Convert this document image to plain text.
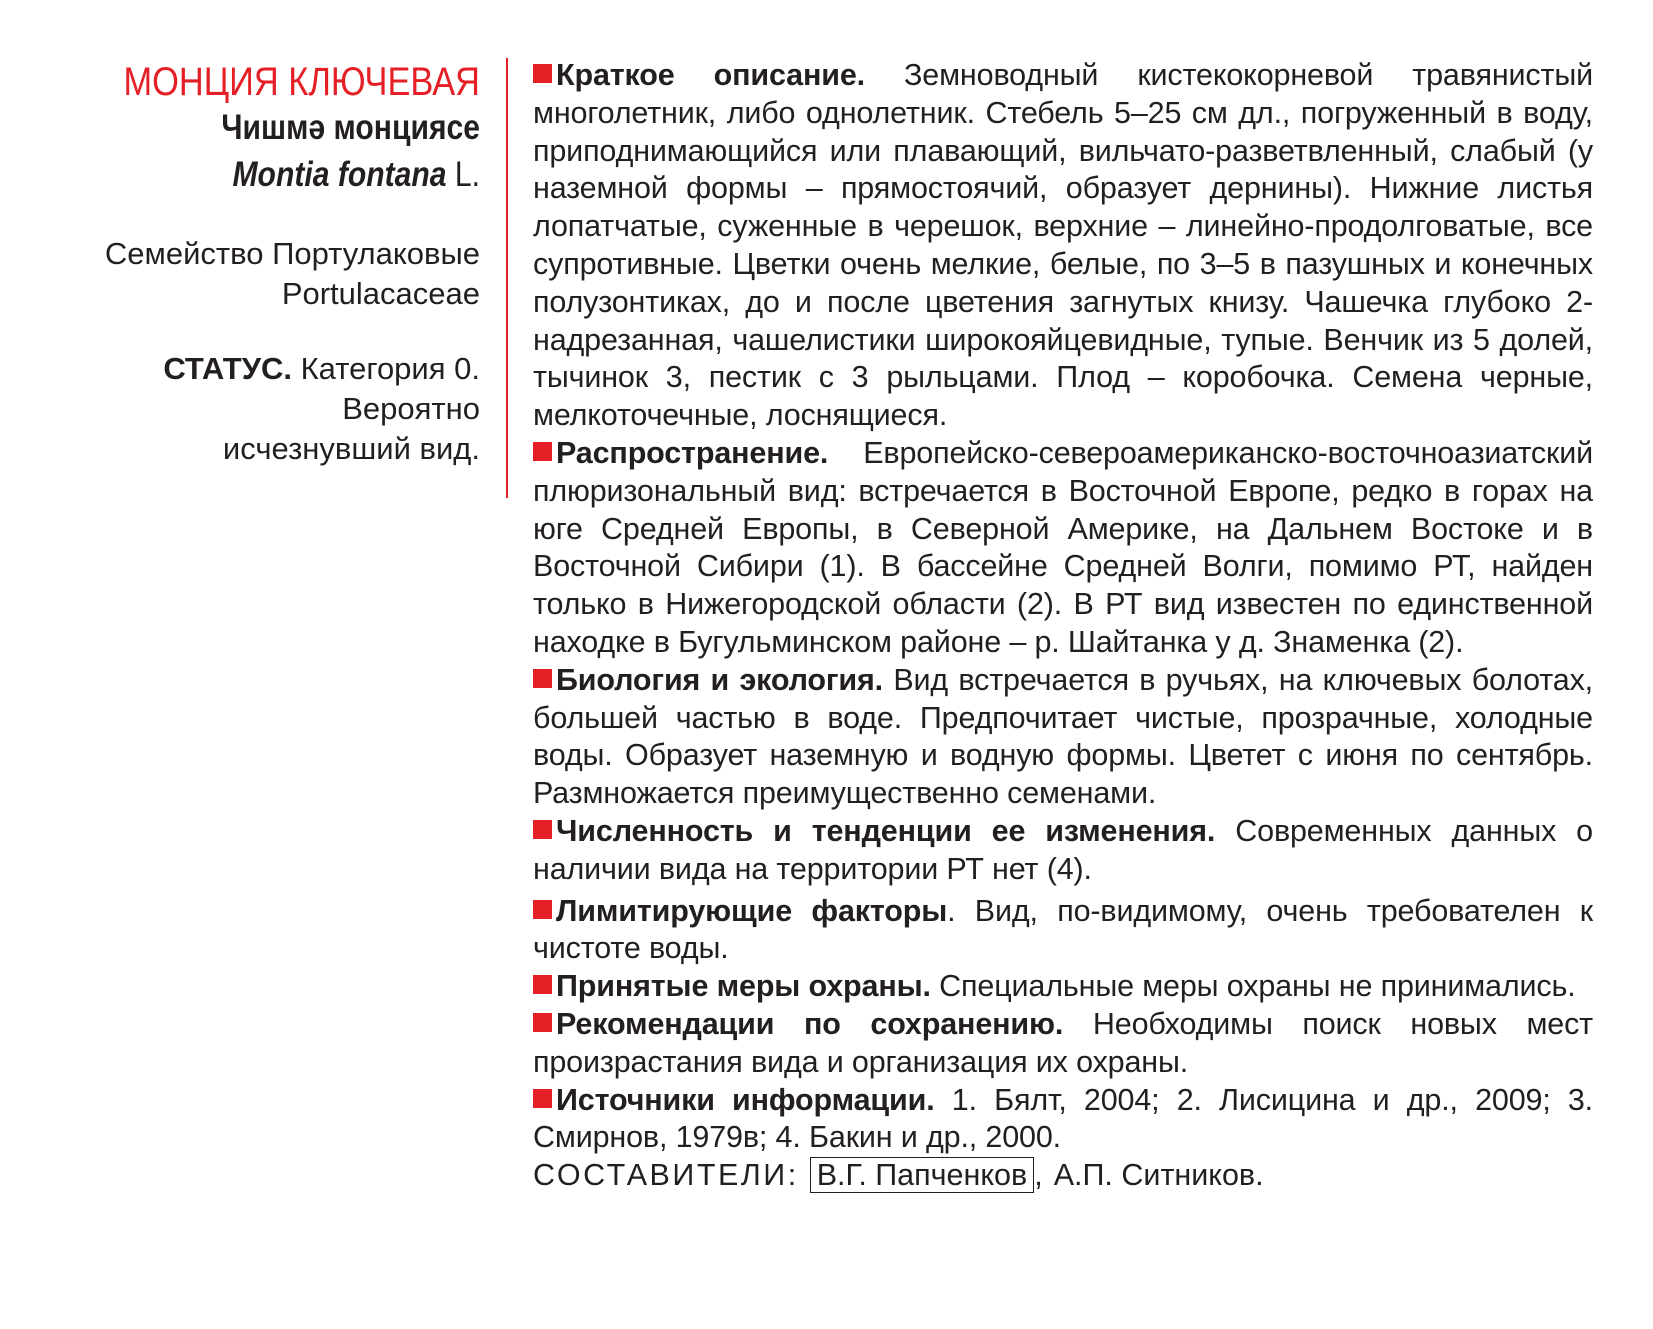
МОНЦИЯ КЛЮЧЕВАЯ
Чишмә монциясе
Montia fontana L.
Семейство Портулаковые
Portulacaceae
СТАТУС. Категория 0.
Вероятно
исчезнувший вид.

Краткое описание. Земноводный кистекокорневой травянистый многолетник, либо однолетник. Стебель 5–25 см дл., погруженный в воду, приподнимающийся или плавающий, вильчато-разветвленный, слабый (у наземной формы – прямостоячий, образует дернины). Нижние листья лопатчатые, суженные в черешок, верхние – линейно-продолговатые, все супротивные. Цветки очень мелкие, белые, по 3–5 в пазушных и конечных полузонтиках, до и после цветения загнутых книзу. Чашечка глубоко 2-надрезанная, чашелистики широкояйцевидные, тупые. Венчик из 5 долей, тычинок 3, пестик с 3 рыльцами. Плод – коробочка. Семена черные, мелкоточечные, лоснящиеся.

Распространение. Европейско-североамериканско-восточноазиатский плюризональный вид: встречается в Восточной Европе, редко в горах на юге Средней Европы, в Северной Америке, на Дальнем Востоке и в Восточной Сибири (1). В бассейне Средней Волги, помимо РТ, найден только в Нижегородской области (2). В РТ вид известен по единственной находке в Бугульминском районе – р. Шайтанка у д. Знаменка (2).

Биология и экология. Вид встречается в ручьях, на ключевых болотах, большей частью в воде. Предпочитает чистые, прозрачные, холодные воды. Образует наземную и водную формы. Цветет с июня по сентябрь. Размножается преимущественно семенами.

Численность и тенденции ее изменения. Современных данных о наличии вида на территории РТ нет (4).

Лимитирующие факторы. Вид, по-видимому, очень требователен к чистоте воды.

Принятые меры охраны. Специальные меры охраны не принимались.

Рекомендации по сохранению. Необходимы поиск новых мест произрастания вида и организация их охраны.

Источники информации. 1. Бялт, 2004; 2. Лисицина и др., 2009; 3. Смирнов, 1979в; 4. Бакин и др., 2000.

СОСТАВИТЕЛИ: В.Г. Папченков , А.П. Ситников.
